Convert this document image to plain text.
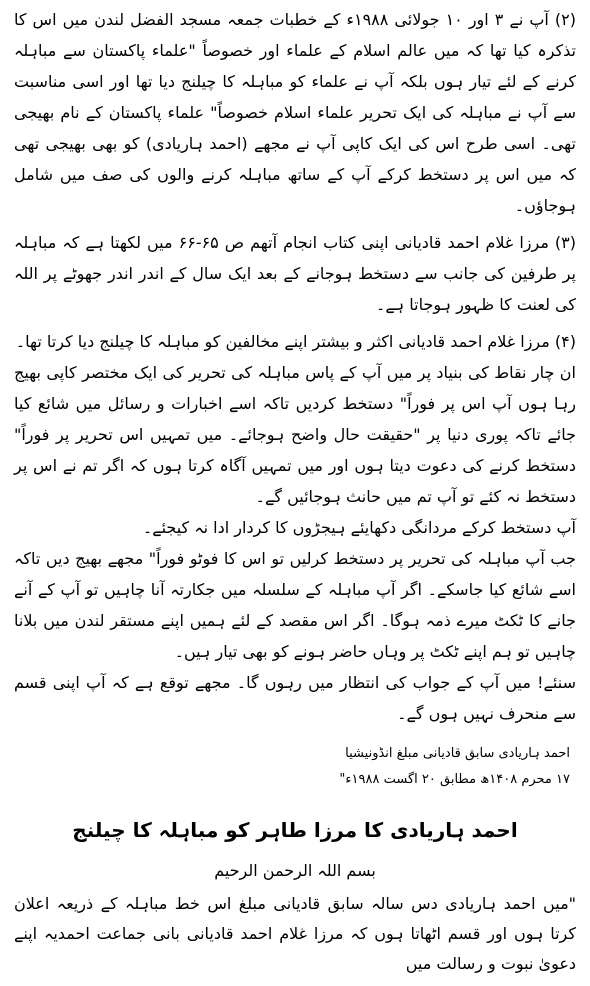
(۲) آپ نے ۳ اور ۱۰ جولائی ۱۹۸۸ء کے خطبات جمعہ مسجد الفضل لندن میں اس کا تذکرہ کیا تھا کہ میں عالم اسلام کے علماء اور خصوصاً "علماء پاکستان سے مباہلہ کرنے کے لئے تیار ہوں بلکہ آپ نے علماء کو مباہلہ کا چیلنج دیا تھا اور اسی مناسبت سے آپ نے مباہلہ کی ایک تحریر علماء اسلام خصوصاً" علماء پاکستان کے نام بھیجی تھی۔ اسی طرح اس کی ایک کاپی آپ نے مجھے (احمد ہاریادی) کو بھی بھیجی تھی کہ میں اس پر دستخط کرکے آپ کے ساتھ مباہلہ کرنے والوں کی صف میں شامل ہوجاؤں۔

(۳) مرزا غلام احمد قادیانی اپنی کتاب انجام آتھم ص ۶۵-۶۶ میں لکھتا ہے کہ مباہلہ پر طرفین کی جانب سے دستخط ہوجانے کے بعد ایک سال کے اندر اندر جھوٹے پر اللہ کی لعنت کا ظہور ہوجاتا ہے۔

(۴) مرزا غلام احمد قادیانی اکثر و بیشتر اپنے مخالفین کو مباہلہ کا چیلنج دیا کرتا تھا۔

ان چار نقاط کی بنیاد پر میں آپ کے پاس مباہلہ کی تحریر کی ایک مختصر کاپی بھیج رہا ہوں آپ اس پر فوراً" دستخط کردیں تاکہ اسے اخبارات و رسائل میں شائع کیا جائے تاکہ پوری دنیا پر "حقیقت حال واضح ہوجائے۔ میں تمہیں اس تحریر پر فوراً" دستخط کرنے کی دعوت دیتا ہوں اور میں تمہیں آگاہ کرتا ہوں کہ اگر تم نے اس پر دستخط نہ کئے تو آپ تم میں حانث ہوجائیں گے۔

آپ دستخط کرکے مردانگی دکھایئے ہیجڑوں کا کردار ادا نہ کیجئے۔

جب آپ مباہلہ کی تحریر پر دستخط کرلیں تو اس کا فوٹو فوراً" مجھے بھیج دیں تاکہ اسے شائع کیا جاسکے۔ اگر آپ مباہلہ کے سلسلہ میں جکارتہ آنا چاہیں تو آپ کے آنے جانے کا ٹکٹ میرے ذمہ ہوگا۔ اگر اس مقصد کے لئے ہمیں اپنے مستقر لندن میں بلانا چاہیں تو ہم اپنے ٹکٹ پر وہاں حاضر ہونے کو بھی تیار ہیں۔

سنئے! میں آپ کے جواب کی انتظار میں رہوں گا۔ مجھے توقع ہے کہ آپ اپنی قسم سے منحرف نہیں ہوں گے۔

احمد ہاریادی سابق قادیانی مبلغ انڈونیشیا
۱۷ محرم ۱۴۰۸ھ مطابق ۲۰ اگست ۱۹۸۸ء"
احمد ہاریادی کا مرزا طاہر کو مباہلہ کا چیلنج
بسم اللہ الرحمن الرحیم

"میں احمد ہاریادی دس سالہ سابق قادیانی مبلغ اس خط مباہلہ کے ذریعہ اعلان کرتا ہوں اور قسم اٹھاتا ہوں کہ مرزا غلام احمد قادیانی بانی جماعت احمدیہ اپنے دعویٰ نبوت و رسالت میں
